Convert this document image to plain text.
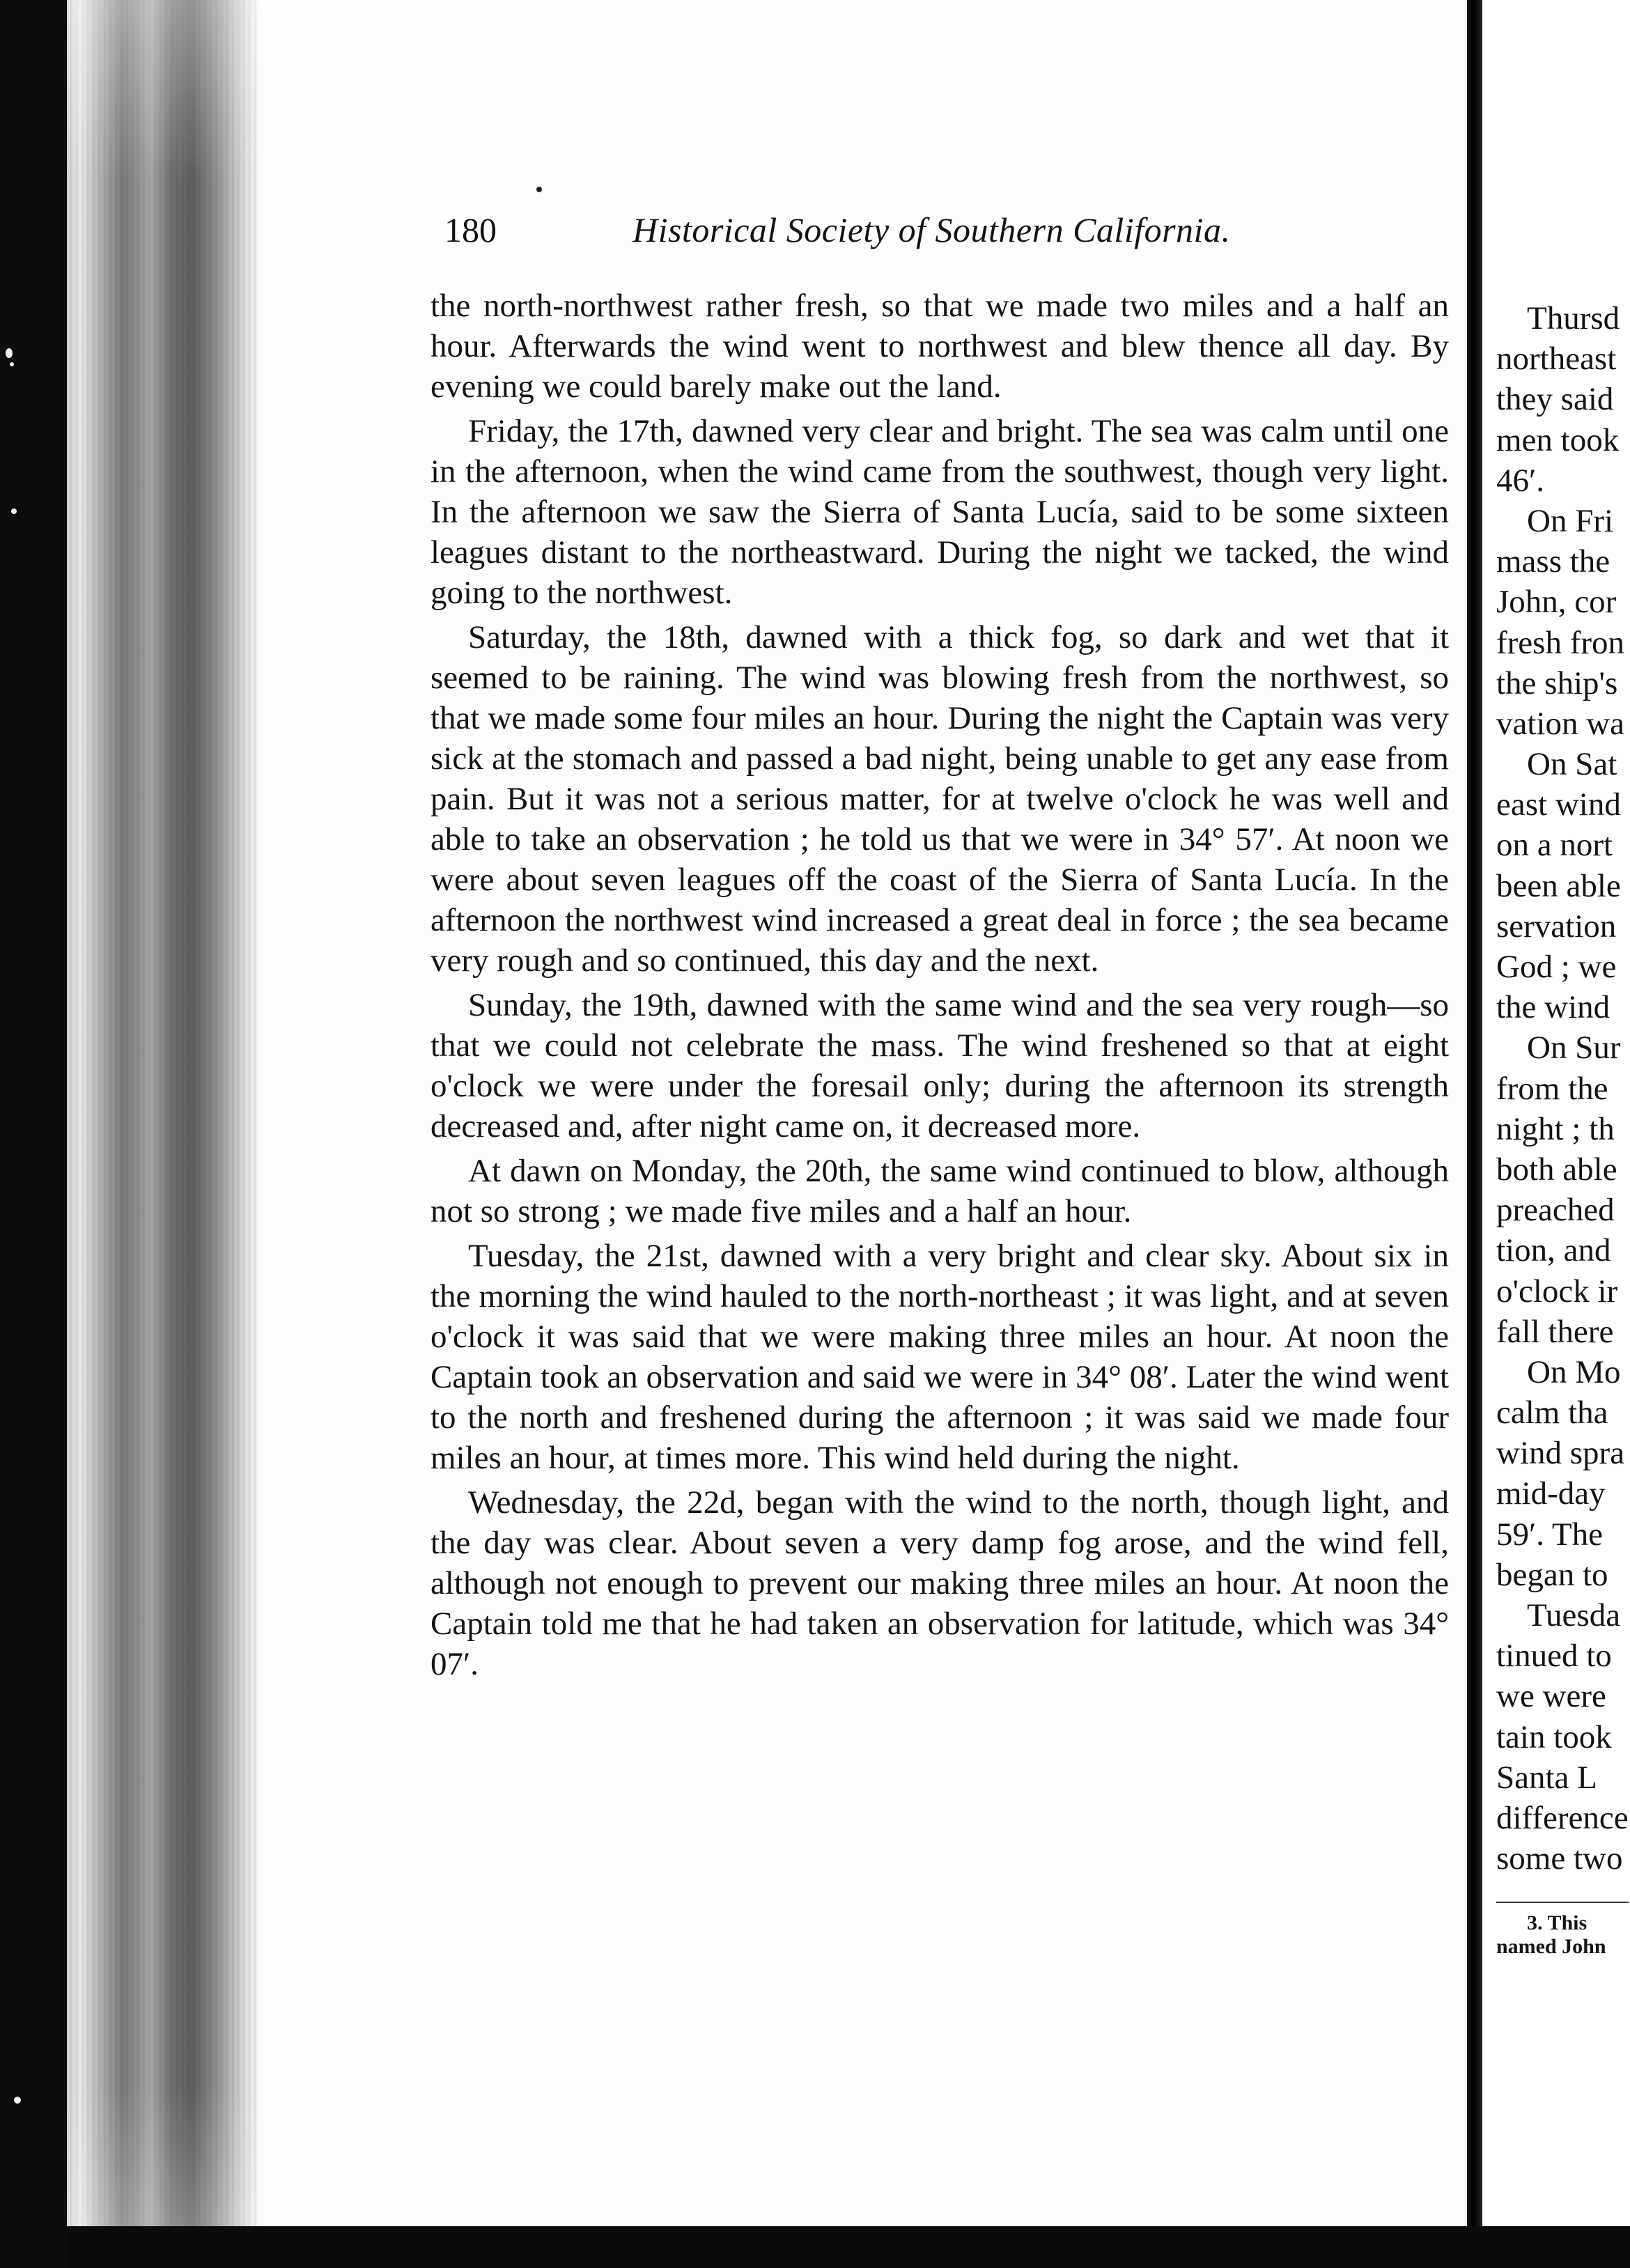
180	Historical Society of Southern California.

the north-northwest rather fresh, so that we made two miles and a half an hour. Afterwards the wind went to northwest and blew thence all day. By evening we could barely make out the land.

Friday, the 17th, dawned very clear and bright. The sea was calm until one in the afternoon, when the wind came from the southwest, though very light. In the afternoon we saw the Sierra of Santa Lucía, said to be some sixteen leagues distant to the northeastward. During the night we tacked, the wind going to the northwest.

Saturday, the 18th, dawned with a thick fog, so dark and wet that it seemed to be raining. The wind was blowing fresh from the northwest, so that we made some four miles an hour. During the night the Captain was very sick at the stomach and passed a bad night, being unable to get any ease from pain. But it was not a serious matter, for at twelve o'clock he was well and able to take an observation ; he told us that we were in 34° 57′. At noon we were about seven leagues off the coast of the Sierra of Santa Lucía. In the afternoon the northwest wind increased a great deal in force ; the sea became very rough and so continued, this day and the next.

Sunday, the 19th, dawned with the same wind and the sea very rough—so that we could not celebrate the mass. The wind freshened so that at eight o'clock we were under the foresail only; during the afternoon its strength decreased and, after night came on, it decreased more.

At dawn on Monday, the 20th, the same wind continued to blow, although not so strong ; we made five miles and a half an hour.

Tuesday, the 21st, dawned with a very bright and clear sky. About six in the morning the wind hauled to the north-northeast ; it was light, and at seven o'clock it was said that we were making three miles an hour. At noon the Captain took an observation and said we were in 34° 08′. Later the wind went to the north and freshened during the afternoon ; it was said we made four miles an hour, at times more. This wind held during the night.

Wednesday, the 22d, began with the wind to the north, though light, and the day was clear. About seven a very damp fog arose, and the wind fell, although not enough to prevent our making three miles an hour. At noon the Captain told me that he had taken an observation for latitude, which was 34° 07′.

Thursd
northeast
they said
men took
46′.
On Fri
mass the
John, cor
fresh fron
the ship's
vation wa
On Sat
east wind
on a nort
been able
servation
God ; we
the wind
On Sur
from the
night ; th
both able
preached
tion, and
o'clock ir
fall there
On Mo
calm tha
wind spra
mid-day
59′. The
began to
Tuesda
tinued to
we were
tain took
Santa L
difference
some two
3. This
named John
